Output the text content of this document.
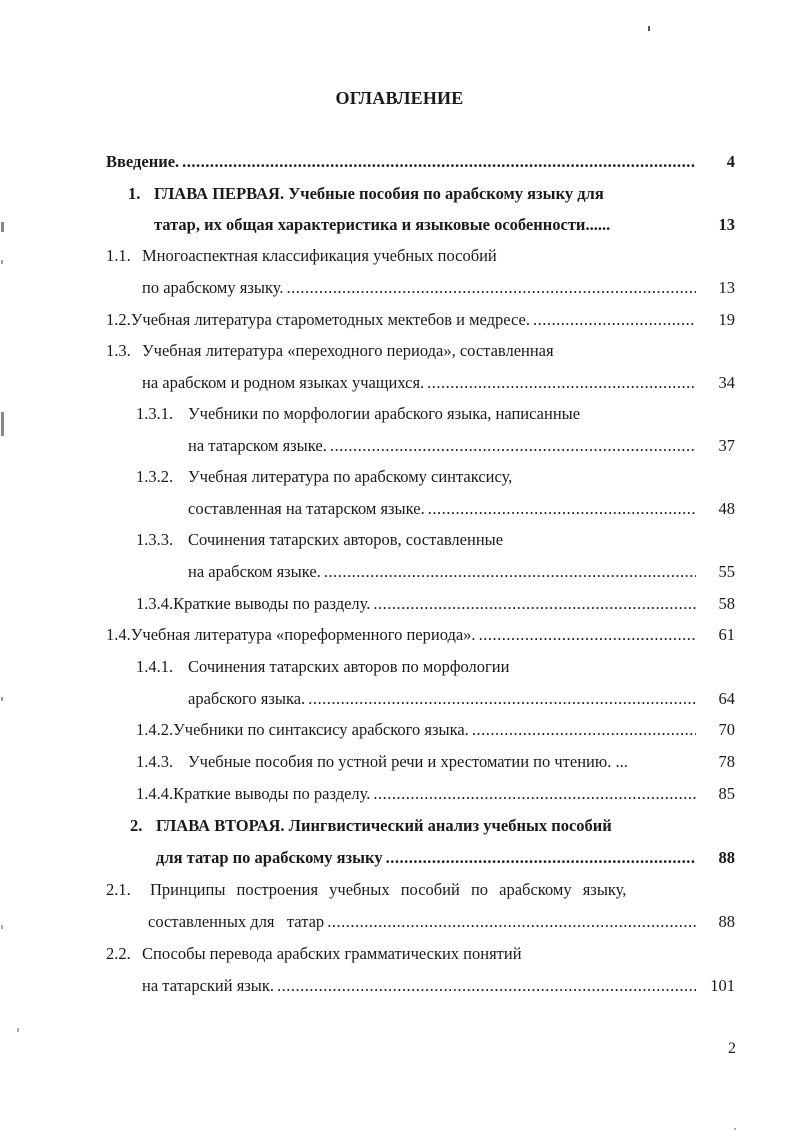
ОГЛАВЛЕНИЕ
Введение. .....	4
1. ГЛАВА ПЕРВАЯ. Учебные пособия по арабскому языку для
татар, их общая характеристика и языковые особенности......	13
1.1. Многоаспектная классификация учебных пособий
по арабскому языку. .....	13
1.2. Учебная литература старометодных мектебов и медресе. .....	19
1.3. Учебная литература «переходного периода», составленная
на арабском и родном языках учащихся. .....	34
1.3.1. Учебники по морфологии арабского языка, написанные
на татарском языке. .....	37
1.3.2. Учебная литература по арабскому синтаксису,
составленная на татарском языке. .....	48
1.3.3. Сочинения татарских авторов, составленные
на арабском языке. .....	55
1.3.4. Краткие выводы по разделу. .....	58
1.4. Учебная литература «пореформенного периода». .....	61
1.4.1. Сочинения татарских авторов по морфологии
арабского языка. .....	64
1.4.2. Учебники по синтаксису арабского языка. .....	70
1.4.3. Учебные пособия по устной речи и хрестоматии по чтению. ...	78
1.4.4. Краткие выводы по разделу. .....	85
2. ГЛАВА ВТОРАЯ. Лингвистический анализ учебных пособий
для татар по арабскому языку .....	88
2.1.	Принципы построения учебных пособий по арабскому языку,
составленных для   татар .....	88
2.2. Способы перевода арабских грамматических понятий
на татарский язык. .....	101
2
